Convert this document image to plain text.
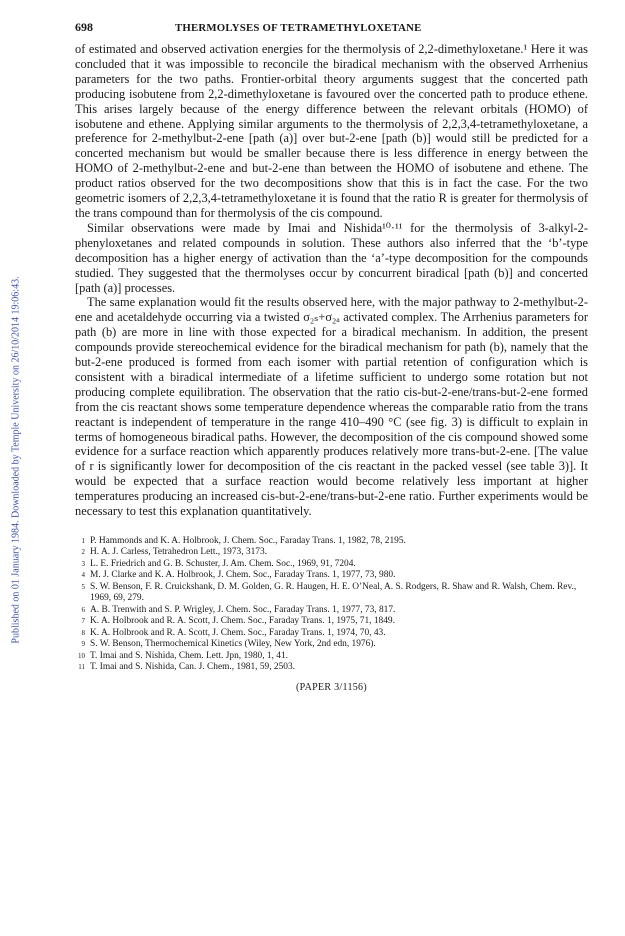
Published on 01 January 1984. Downloaded by Temple University on 26/10/2014 19:06:43.
698	THERMOLYSES OF TETRAMETHYLOXETANE

of estimated and observed activation energies for the thermolysis of 2,2-dimethyloxetane.¹ Here it was concluded that it was impossible to reconcile the biradical mechanism with the observed Arrhenius parameters for the two paths. Frontier-orbital theory arguments suggest that the concerted path producing isobutene from 2,2-dimethyloxetane is favoured over the concerted path to produce ethene. This arises largely because of the energy difference between the relevant orbitals (HOMO) of isobutene and ethene. Applying similar arguments to the thermolysis of 2,2,3,4-tetramethyloxetane, a preference for 2-methylbut-2-ene [path (a)] over but-2-ene [path (b)] would still be predicted for a concerted mechanism but would be smaller because there is less difference in energy between the HOMO of 2-methylbut-2-ene and but-2-ene than between the HOMO of isobutene and ethene. The product ratios observed for the two decompositions show that this is in fact the case. For the two geometric isomers of 2,2,3,4-tetramethyloxetane it is found that the ratio R is greater for thermolysis of the trans compound than for thermolysis of the cis compound.

Similar observations were made by Imai and Nishida¹⁰·¹¹ for the thermolysis of 3-alkyl-2-phenyloxetanes and related compounds in solution. These authors also inferred that the ‘b’-type decomposition has a higher energy of activation than the ‘a’-type decomposition for the compounds studied. They suggested that the thermolyses occur by concurrent biradical [path (b)] and concerted [path (a)] processes.

The same explanation would fit the results observed here, with the major pathway to 2-methylbut-2-ene and acetaldehyde occurring via a twisted σ₂ₛ+σ₂ₐ activated complex. The Arrhenius parameters for path (b) are more in line with those expected for a biradical mechanism. In addition, the present compounds provide stereochemical evidence for the biradical mechanism for path (b), namely that the but-2-ene produced is formed from each isomer with partial retention of configuration which is consistent with a biradical intermediate of a lifetime sufficient to undergo some rotation but not producing complete equilibration. The observation that the ratio cis-but-2-ene/trans-but-2-ene formed from the cis reactant shows some temperature dependence whereas the comparable ratio from the trans reactant is independent of temperature in the range 410–490 °C (see fig. 3) is difficult to explain in terms of homogeneous biradical paths. However, the decomposition of the cis compound showed some evidence for a surface reaction which apparently produces relatively more trans-but-2-ene. [The value of r is significantly lower for decomposition of the cis reactant in the packed vessel (see table 3)]. It would be expected that a surface reaction would become relatively less important at higher temperatures producing an increased cis-but-2-ene/trans-but-2-ene ratio. Further experiments would be necessary to test this explanation quantitatively.

1 P. Hammonds and K. A. Holbrook, J. Chem. Soc., Faraday Trans. 1, 1982, 78, 2195.
2 H. A. J. Carless, Tetrahedron Lett., 1973, 3173.
3 L. E. Friedrich and G. B. Schuster, J. Am. Chem. Soc., 1969, 91, 7204.
4 M. J. Clarke and K. A. Holbrook, J. Chem. Soc., Faraday Trans. 1, 1977, 73, 980.
5 S. W. Benson, F. R. Cruickshank, D. M. Golden, G. R. Haugen, H. E. O’Neal, A. S. Rodgers, R. Shaw and R. Walsh, Chem. Rev., 1969, 69, 279.
6 A. B. Trenwith and S. P. Wrigley, J. Chem. Soc., Faraday Trans. 1, 1977, 73, 817.
7 K. A. Holbrook and R. A. Scott, J. Chem. Soc., Faraday Trans. 1, 1975, 71, 1849.
8 K. A. Holbrook and R. A. Scott, J. Chem. Soc., Faraday Trans. 1, 1974, 70, 43.
9 S. W. Benson, Thermochemical Kinetics (Wiley, New York, 2nd edn, 1976).
10 T. Imai and S. Nishida, Chem. Lett. Jpn, 1980, 1, 41.
11 T. Imai and S. Nishida, Can. J. Chem., 1981, 59, 2503.
(PAPER 3/1156)
